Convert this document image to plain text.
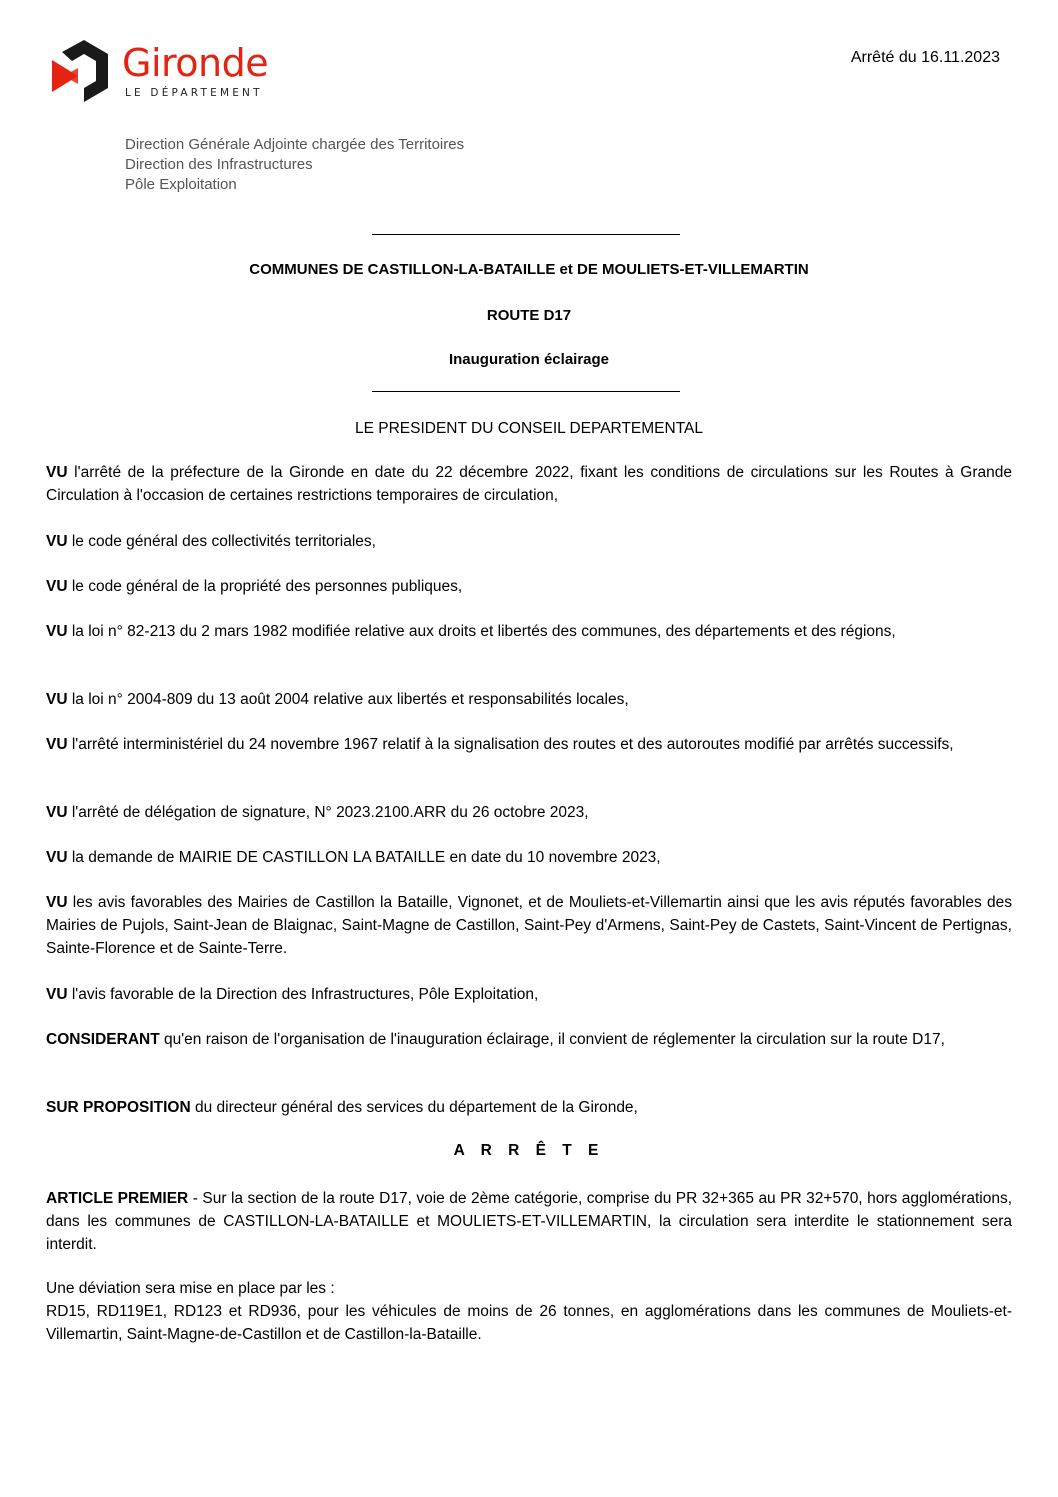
Gironde
LE DÉPARTEMENT
Arrêté du 16.11.2023
Direction Générale Adjointe chargée des Territoires
Direction des Infrastructures
Pôle Exploitation
COMMUNES DE CASTILLON-LA-BATAILLE et DE MOULIETS-ET-VILLEMARTIN
ROUTE D17
Inauguration éclairage
LE PRESIDENT DU CONSEIL DEPARTEMENTAL

VU l'arrêté de la préfecture de la Gironde en date du 22 décembre 2022, fixant les conditions de circulations sur les Routes à Grande Circulation à l'occasion de certaines restrictions temporaires de circulation,

VU le code général des collectivités territoriales,

VU le code général de la propriété des personnes publiques,

VU la loi n° 82-213 du 2 mars 1982 modifiée relative aux droits et libertés des communes, des départements et des régions,

VU la loi n° 2004-809 du 13 août 2004 relative aux libertés et responsabilités locales,

VU l'arrêté interministériel du 24 novembre 1967 relatif à la signalisation des routes et des autoroutes modifié par arrêtés successifs,

VU l'arrêté de délégation de signature, N° 2023.2100.ARR du 26 octobre 2023,

VU la demande de MAIRIE DE CASTILLON LA BATAILLE en date du 10 novembre 2023,

VU les avis favorables des Mairies de Castillon la Bataille, Vignonet, et de Mouliets-et-Villemartin ainsi que les avis réputés favorables des Mairies de Pujols, Saint-Jean de Blaignac, Saint-Magne de Castillon, Saint-Pey d'Armens, Saint-Pey de Castets, Saint-Vincent de Pertignas, Sainte-Florence et de Sainte-Terre.

VU l'avis favorable de la Direction des Infrastructures, Pôle Exploitation,

CONSIDERANT qu'en raison de l'organisation de l'inauguration éclairage, il convient de réglementer la circulation sur la route D17,

SUR PROPOSITION du directeur général des services du département de la Gironde,

A R R Ê T E

ARTICLE PREMIER - Sur la section de la route D17, voie de 2ème catégorie, comprise du PR 32+365 au PR 32+570, hors agglomérations, dans les communes de CASTILLON-LA-BATAILLE et MOULIETS-ET-VILLEMARTIN, la circulation sera interdite le stationnement sera interdit.

Une déviation sera mise en place par les :

RD15, RD119E1, RD123 et RD936, pour les véhicules de moins de 26 tonnes, en agglomérations dans les communes de Mouliets-et-Villemartin, Saint-Magne-de-Castillon et de Castillon-la-Bataille.
